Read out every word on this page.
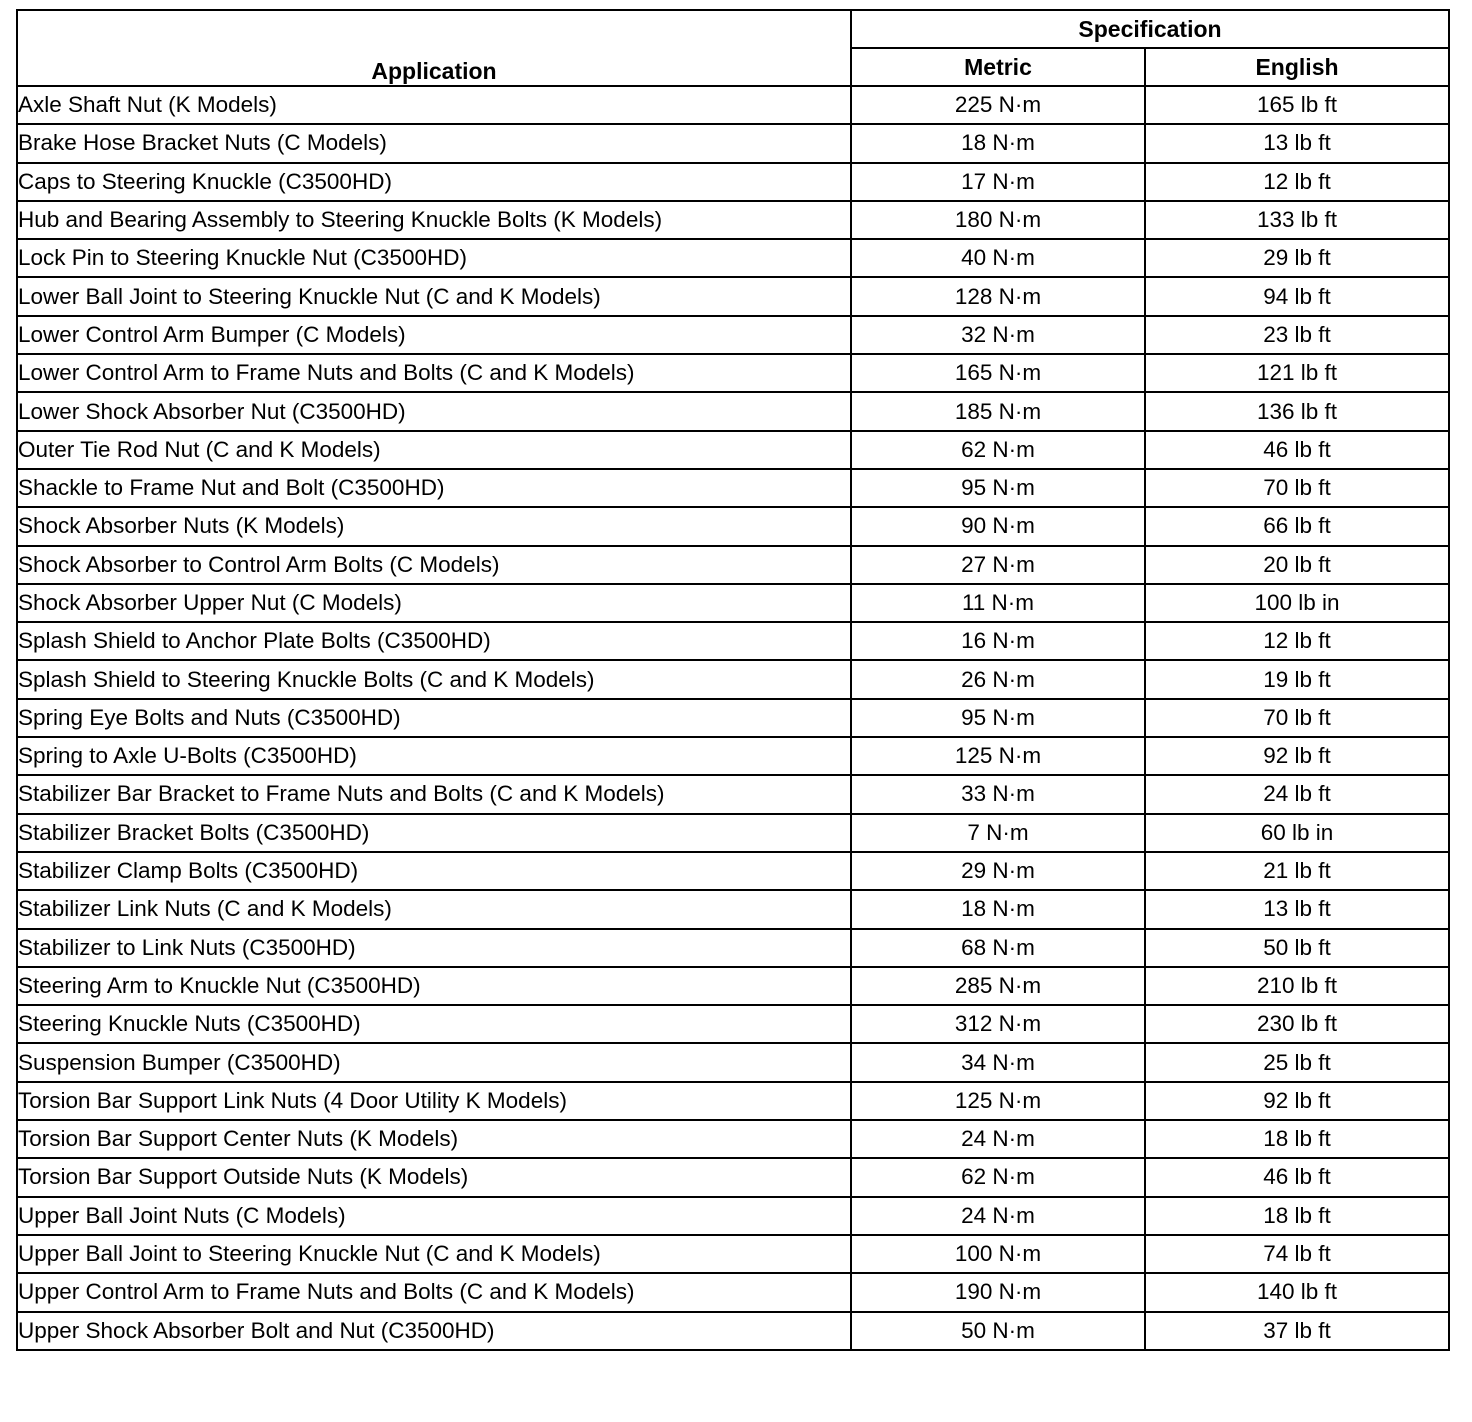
Application	Specification	
	Metric	English
Axle Shaft Nut (K Models)	225 N·m	165 lb ft
Brake Hose Bracket Nuts (C Models)	18 N·m	13 lb ft
Caps to Steering Knuckle (C3500HD)	17 N·m	12 lb ft
Hub and Bearing Assembly to Steering Knuckle Bolts (K Models)	180 N·m	133 lb ft
Lock Pin to Steering Knuckle Nut (C3500HD)	40 N·m	29 lb ft
Lower Ball Joint to Steering Knuckle Nut (C and K Models)	128 N·m	94 lb ft
Lower Control Arm Bumper (C Models)	32 N·m	23 lb ft
Lower Control Arm to Frame Nuts and Bolts (C and K Models)	165 N·m	121 lb ft
Lower Shock Absorber Nut (C3500HD)	185 N·m	136 lb ft
Outer Tie Rod Nut (C and K Models)	62 N·m	46 lb ft
Shackle to Frame Nut and Bolt (C3500HD)	95 N·m	70 lb ft
Shock Absorber Nuts (K Models)	90 N·m	66 lb ft
Shock Absorber to Control Arm Bolts (C Models)	27 N·m	20 lb ft
Shock Absorber Upper Nut (C Models)	11 N·m	100 lb in
Splash Shield to Anchor Plate Bolts (C3500HD)	16 N·m	12 lb ft
Splash Shield to Steering Knuckle Bolts (C and K Models)	26 N·m	19 lb ft
Spring Eye Bolts and Nuts (C3500HD)	95 N·m	70 lb ft
Spring to Axle U-Bolts (C3500HD)	125 N·m	92 lb ft
Stabilizer Bar Bracket to Frame Nuts and Bolts (C and K Models)	33 N·m	24 lb ft
Stabilizer Bracket Bolts (C3500HD)	7 N·m	60 lb in
Stabilizer Clamp Bolts (C3500HD)	29 N·m	21 lb ft
Stabilizer Link Nuts (C and K Models)	18 N·m	13 lb ft
Stabilizer to Link Nuts (C3500HD)	68 N·m	50 lb ft
Steering Arm to Knuckle Nut (C3500HD)	285 N·m	210 lb ft
Steering Knuckle Nuts (C3500HD)	312 N·m	230 lb ft
Suspension Bumper (C3500HD)	34 N·m	25 lb ft
Torsion Bar Support Link Nuts (4 Door Utility K Models)	125 N·m	92 lb ft
Torsion Bar Support Center Nuts (K Models)	24 N·m	18 lb ft
Torsion Bar Support Outside Nuts (K Models)	62 N·m	46 lb ft
Upper Ball Joint Nuts (C Models)	24 N·m	18 lb ft
Upper Ball Joint to Steering Knuckle Nut (C and K Models)	100 N·m	74 lb ft
Upper Control Arm to Frame Nuts and Bolts (C and K Models)	190 N·m	140 lb ft
Upper Shock Absorber Bolt and Nut (C3500HD)	50 N·m	37 lb ft
